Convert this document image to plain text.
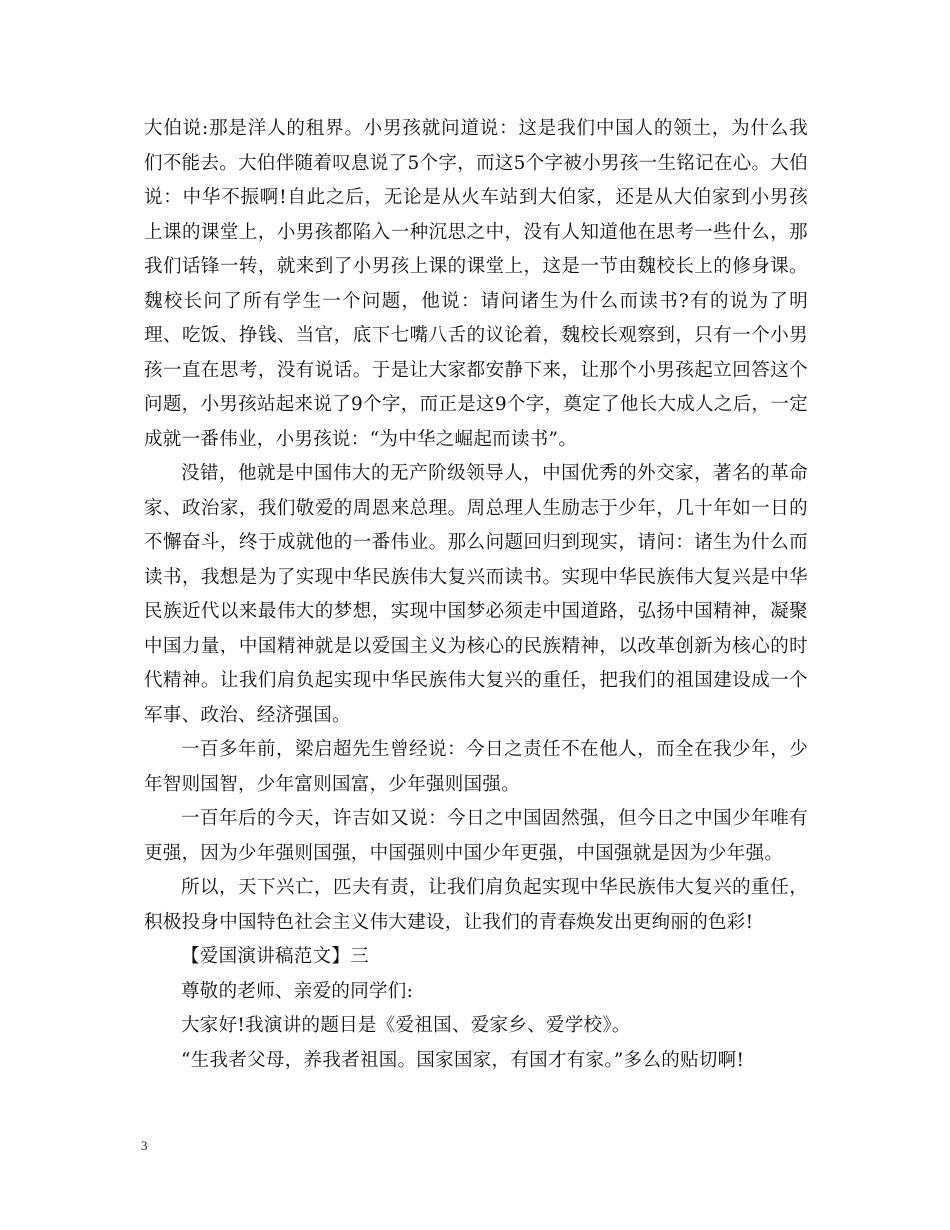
大伯说:那是洋人的租界。小男孩就问道说：这是我们中国人的领土，为什么我们不能去。大伯伴随着叹息说了5个字，而这5个字被小男孩一生铭记在心。大伯说：中华不振啊!自此之后，无论是从火车站到大伯家，还是从大伯家到小男孩上课的课堂上，小男孩都陷入一种沉思之中，没有人知道他在思考一些什么，那我们话锋一转，就来到了小男孩上课的课堂上，这是一节由魏校长上的修身课。魏校长问了所有学生一个问题，他说：请问诸生为什么而读书?有的说为了明理、吃饭、挣钱、当官，底下七嘴八舌的议论着，魏校长观察到，只有一个小男孩一直在思考，没有说话。于是让大家都安静下来，让那个小男孩起立回答这个问题，小男孩站起来说了9个字，而正是这9个字，奠定了他长大成人之后，一定成就一番伟业，小男孩说：“为中华之崛起而读书”。

没错，他就是中国伟大的无产阶级领导人，中国优秀的外交家，著名的革命家、政治家，我们敬爱的周恩来总理。周总理人生励志于少年，几十年如一日的不懈奋斗，终于成就他的一番伟业。那么问题回归到现实，请问：诸生为什么而读书，我想是为了实现中华民族伟大复兴而读书。实现中华民族伟大复兴是中华民族近代以来最伟大的梦想，实现中国梦必须走中国道路，弘扬中国精神，凝聚中国力量，中国精神就是以爱国主义为核心的民族精神，以改革创新为核心的时代精神。让我们肩负起实现中华民族伟大复兴的重任，把我们的祖国建设成一个军事、政治、经济强国。

一百多年前，梁启超先生曾经说：今日之责任不在他人，而全在我少年，少年智则国智，少年富则国富，少年强则国强。

一百年后的今天，许吉如又说：今日之中国固然强，但今日之中国少年唯有更强，因为少年强则国强，中国强则中国少年更强，中国强就是因为少年强。

所以，天下兴亡，匹夫有责，让我们肩负起实现中华民族伟大复兴的重任，积极投身中国特色社会主义伟大建设，让我们的青春焕发出更绚丽的色彩!

【爱国演讲稿范文】三

尊敬的老师、亲爱的同学们:

大家好!我演讲的题目是《爱祖国、爱家乡、爱学校》。

“生我者父母，养我者祖国。国家国家，有国才有家。”多么的贴切啊!

3
